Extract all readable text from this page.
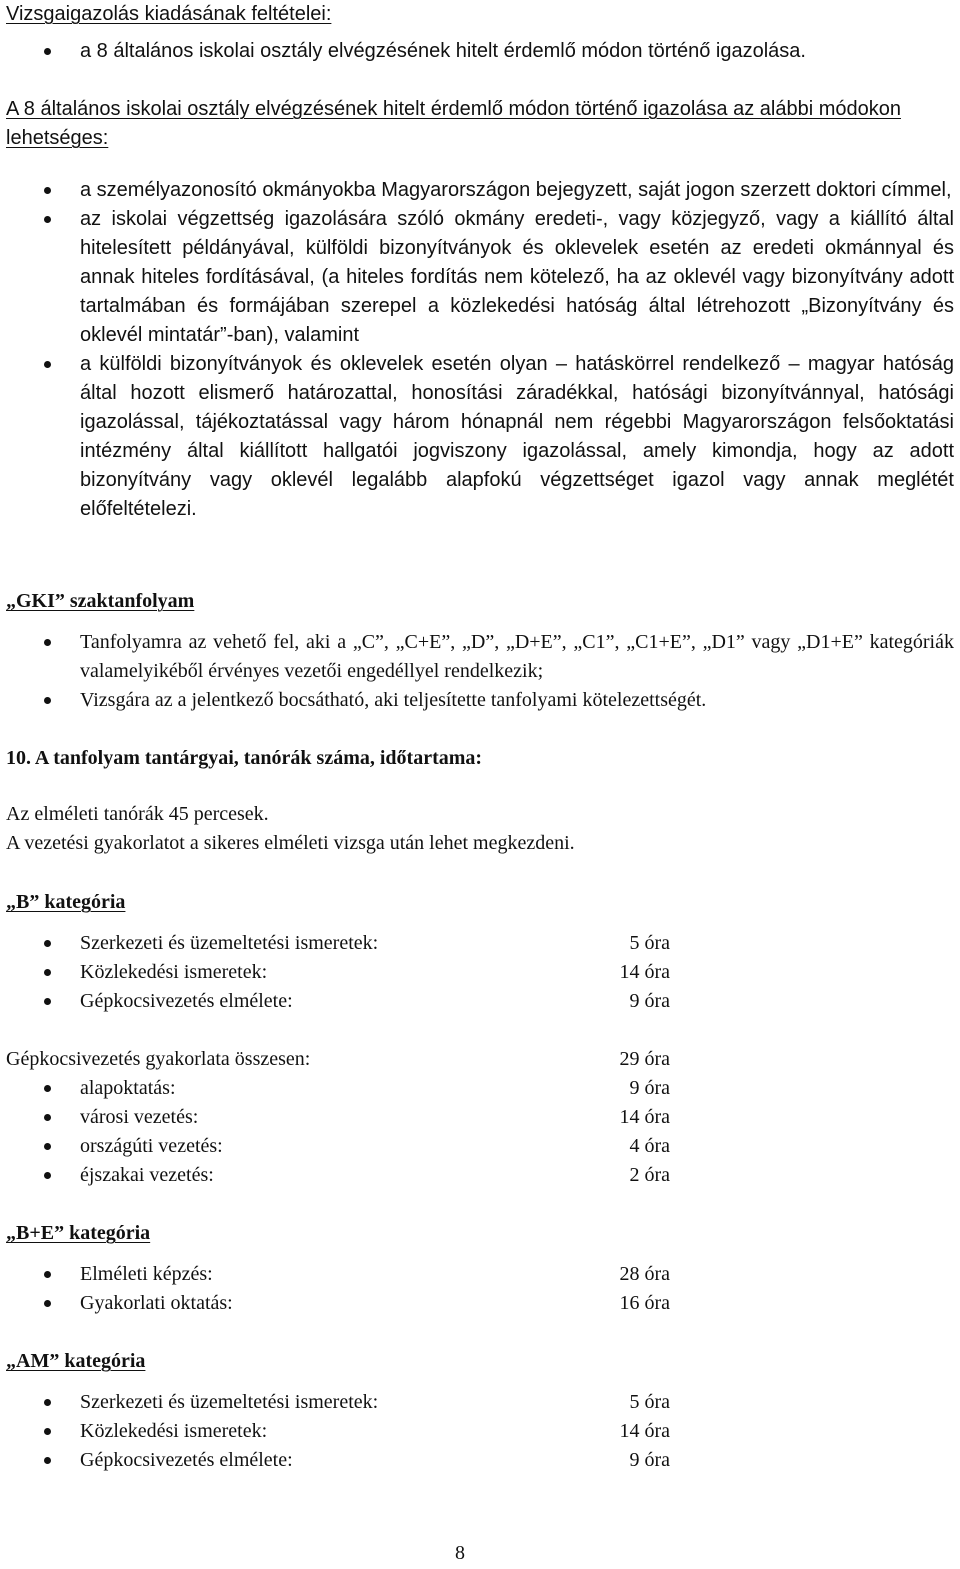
Vizsgaigazolás kiadásának feltételei:
a 8 általános iskolai osztály elvégzésének hitelt érdemlő módon történő igazolása.
A 8 általános iskolai osztály elvégzésének hitelt érdemlő módon történő igazolása az alábbi módokon lehetséges:
a személyazonosító okmányokba Magyarországon bejegyzett, saját jogon szerzett doktori címmel,
az iskolai végzettség igazolására szóló okmány eredeti-, vagy közjegyző, vagy a kiállító által hitelesített példányával, külföldi bizonyítványok és oklevelek esetén az eredeti okmánnyal és annak hiteles fordításával, (a hiteles fordítás nem kötelező, ha az oklevél vagy bizonyítvány adott tartalmában és formájában szerepel a közlekedési hatóság által létrehozott „Bizonyítvány és oklevél mintatár”-ban), valamint
a külföldi bizonyítványok és oklevelek esetén olyan – hatáskörrel rendelkező – magyar hatóság által hozott elismerő határozattal, honosítási záradékkal, hatósági bizonyítvánnyal, hatósági igazolással, tájékoztatással vagy három hónapnál nem régebbi Magyarországon felsőoktatási intézmény által kiállított hallgatói jogviszony igazolással, amely kimondja, hogy az adott bizonyítvány vagy oklevél legalább alapfokú végzettséget igazol vagy annak meglétét előfeltételezi.
„GKI” szaktanfolyam
Tanfolyamra az vehető fel, aki a „C”, „C+E”, „D”, „D+E”, „C1”, „C1+E”, „D1” vagy „D1+E” kategóriák valamelyikéből érvényes vezetői engedéllyel rendelkezik;
Vizsgára az a jelentkező bocsátható, aki teljesítette tanfolyami kötelezettségét.
10. A tanfolyam tantárgyai, tanórák száma, időtartama:
Az elméleti tanórák 45 percesek.
A vezetési gyakorlatot a sikeres elméleti vizsga után lehet megkezdeni.
„B” kategória
Szerkezeti és üzemeltetési ismeretek:	5 óra
Közlekedési ismeretek:	14 óra
Gépkocsivezetés elmélete:	9 óra
Gépkocsivezetés gyakorlata összesen:	29 óra
alapoktatás:	9 óra
városi vezetés:	14 óra
országúti vezetés:	4 óra
éjszakai vezetés:	2 óra
„B+E” kategória
Elméleti képzés:	28 óra
Gyakorlati oktatás:	16 óra
„AM” kategória
Szerkezeti és üzemeltetési ismeretek:	5 óra
Közlekedési ismeretek:	14 óra
Gépkocsivezetés elmélete:	9 óra
8
